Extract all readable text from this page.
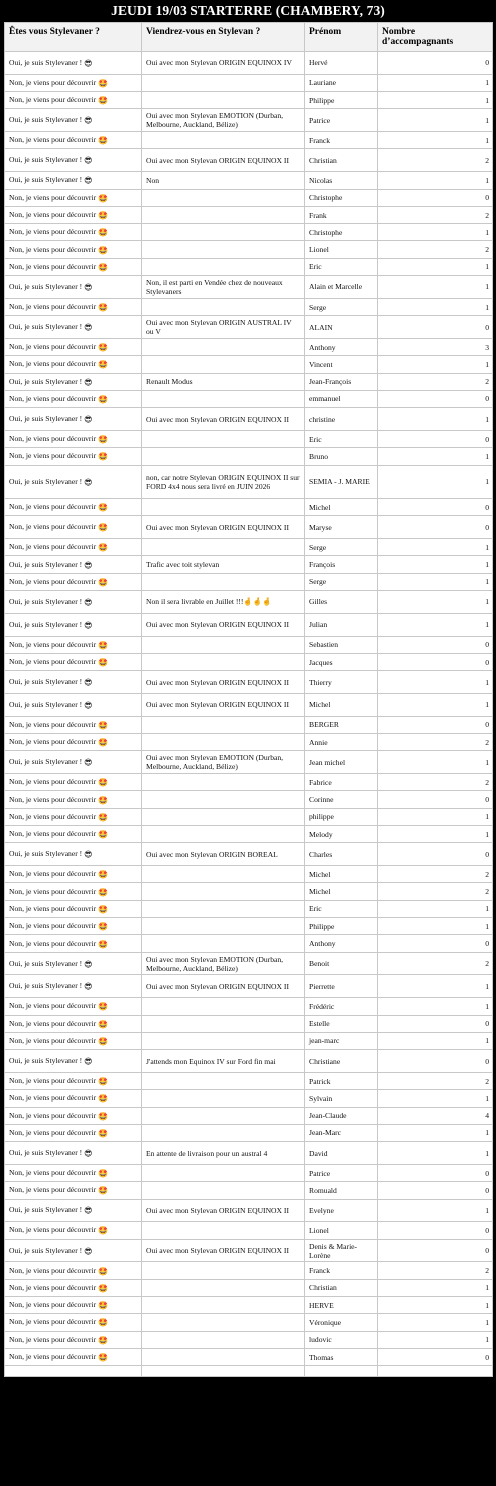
JEUDI 19/03 STARTERRE (CHAMBERY, 73)
Êtes vous Stylevaner ?	Viendrez-vous en Stylevan ?	Prénom	Nombre d’accompagnants
Oui, je suis Stylevaner ! 😎	Oui avec mon Stylevan ORIGIN EQUINOX IV	Hervé	0
Non, je viens pour découvrir 🤩		Lauriane	1
Non, je viens pour découvrir 🤩		Philippe	1
Oui, je suis Stylevaner ! 😎	Oui avec mon Stylevan EMOTION (Durban, Melbourne, Auckland, Bélize)	Patrice	1
Non, je viens pour découvrir 🤩		Franck	1
Oui, je suis Stylevaner ! 😎	Oui avec mon Stylevan ORIGIN EQUINOX II	Christian	2
Oui, je suis Stylevaner ! 😎	Non	Nicolas	1
Non, je viens pour découvrir 🤩		Christophe	0
Non, je viens pour découvrir 🤩		Frank	2
Non, je viens pour découvrir 🤩		Christophe	1
Non, je viens pour découvrir 🤩		Lionel	2
Non, je viens pour découvrir 🤩		Eric	1
Oui, je suis Stylevaner ! 😎	Non, il est parti en Vendée chez de nouveaux Stylevaners	Alain et Marcelle	1
Non, je viens pour découvrir 🤩		Serge	1
Oui, je suis Stylevaner ! 😎	Oui avec mon Stylevan ORIGIN AUSTRAL IV ou V	ALAIN	0
Non, je viens pour découvrir 🤩		Anthony	3
Non, je viens pour découvrir 🤩		Vincent	1
Oui, je suis Stylevaner ! 😎	Renault Modus	Jean-François	2
Non, je viens pour découvrir 🤩		emmanuel	0
Oui, je suis Stylevaner ! 😎	Oui avec mon Stylevan ORIGIN EQUINOX II	christine	1
Non, je viens pour découvrir 🤩		Eric	0
Non, je viens pour découvrir 🤩		Bruno	1
Oui, je suis Stylevaner ! 😎	non, car notre Stylevan ORIGIN EQUINOX II sur FORD 4x4 nous sera livré en JUIN 2026	SEMIA - J. MARIE	1
Non, je viens pour découvrir 🤩		Michel	0
Non, je viens pour découvrir 🤩	Oui avec mon Stylevan ORIGIN EQUINOX II	Maryse	0
Non, je viens pour découvrir 🤩		Serge	1
Oui, je suis Stylevaner ! 😎	Trafic avec toit stylevan	François	1
Non, je viens pour découvrir 🤩		Serge	1
Oui, je suis Stylevaner ! 😎	Non il sera livrable en Juillet !!!🤞🤞🤞	Gilles	1
Oui, je suis Stylevaner ! 😎	Oui avec mon Stylevan ORIGIN EQUINOX II	Julian	1
Non, je viens pour découvrir 🤩		Sebastien	0
Non, je viens pour découvrir 🤩		Jacques	0
Oui, je suis Stylevaner ! 😎	Oui avec mon Stylevan ORIGIN EQUINOX II	Thierry	1
Oui, je suis Stylevaner ! 😎	Oui avec mon Stylevan ORIGIN EQUINOX II	Michel	1
Non, je viens pour découvrir 🤩		BERGER	0
Non, je viens pour découvrir 🤩		Annie	2
Oui, je suis Stylevaner ! 😎	Oui avec mon Stylevan EMOTION (Durban, Melbourne, Auckland, Bélize)	Jean michel	1
Non, je viens pour découvrir 🤩		Fabrice	2
Non, je viens pour découvrir 🤩		Corinne	0
Non, je viens pour découvrir 🤩		philippe	1
Non, je viens pour découvrir 🤩		Melody	1
Oui, je suis Stylevaner ! 😎	Oui avec mon Stylevan ORIGIN BOREAL	Charles	0
Non, je viens pour découvrir 🤩		Michel	2
Non, je viens pour découvrir 🤩		Michel	2
Non, je viens pour découvrir 🤩		Eric	1
Non, je viens pour découvrir 🤩		Philippe	1
Non, je viens pour découvrir 🤩		Anthony	0
Oui, je suis Stylevaner ! 😎	Oui avec mon Stylevan EMOTION (Durban, Melbourne, Auckland, Bélize)	Benoit	2
Oui, je suis Stylevaner ! 😎	Oui avec mon Stylevan ORIGIN EQUINOX II	Pierrette	1
Non, je viens pour découvrir 🤩		Frédéric	1
Non, je viens pour découvrir 🤩		Estelle	0
Non, je viens pour découvrir 🤩		jean-marc	1
Oui, je suis Stylevaner ! 😎	J'attends mon Equinox IV sur Ford fin mai	Christiane	0
Non, je viens pour découvrir 🤩		Patrick	2
Non, je viens pour découvrir 🤩		Sylvain	1
Non, je viens pour découvrir 🤩		Jean-Claude	4
Non, je viens pour découvrir 🤩		Jean-Marc	1
Oui, je suis Stylevaner ! 😎	En attente de livraison pour un austral 4	David	1
Non, je viens pour découvrir 🤩		Patrice	0
Non, je viens pour découvrir 🤩		Romuald	0
Oui, je suis Stylevaner ! 😎	Oui avec mon Stylevan ORIGIN EQUINOX II	Evelyne	1
Non, je viens pour découvrir 🤩		Lionel	0
Oui, je suis Stylevaner ! 😎	Oui avec mon Stylevan ORIGIN EQUINOX II	Denis & Marie-Lorène	0
Non, je viens pour découvrir 🤩		Franck	2
Non, je viens pour découvrir 🤩		Christian	1
Non, je viens pour découvrir 🤩		HERVE	1
Non, je viens pour découvrir 🤩		Véronique	1
Non, je viens pour découvrir 🤩		ludovic	1
Non, je viens pour découvrir 🤩		Thomas	0
